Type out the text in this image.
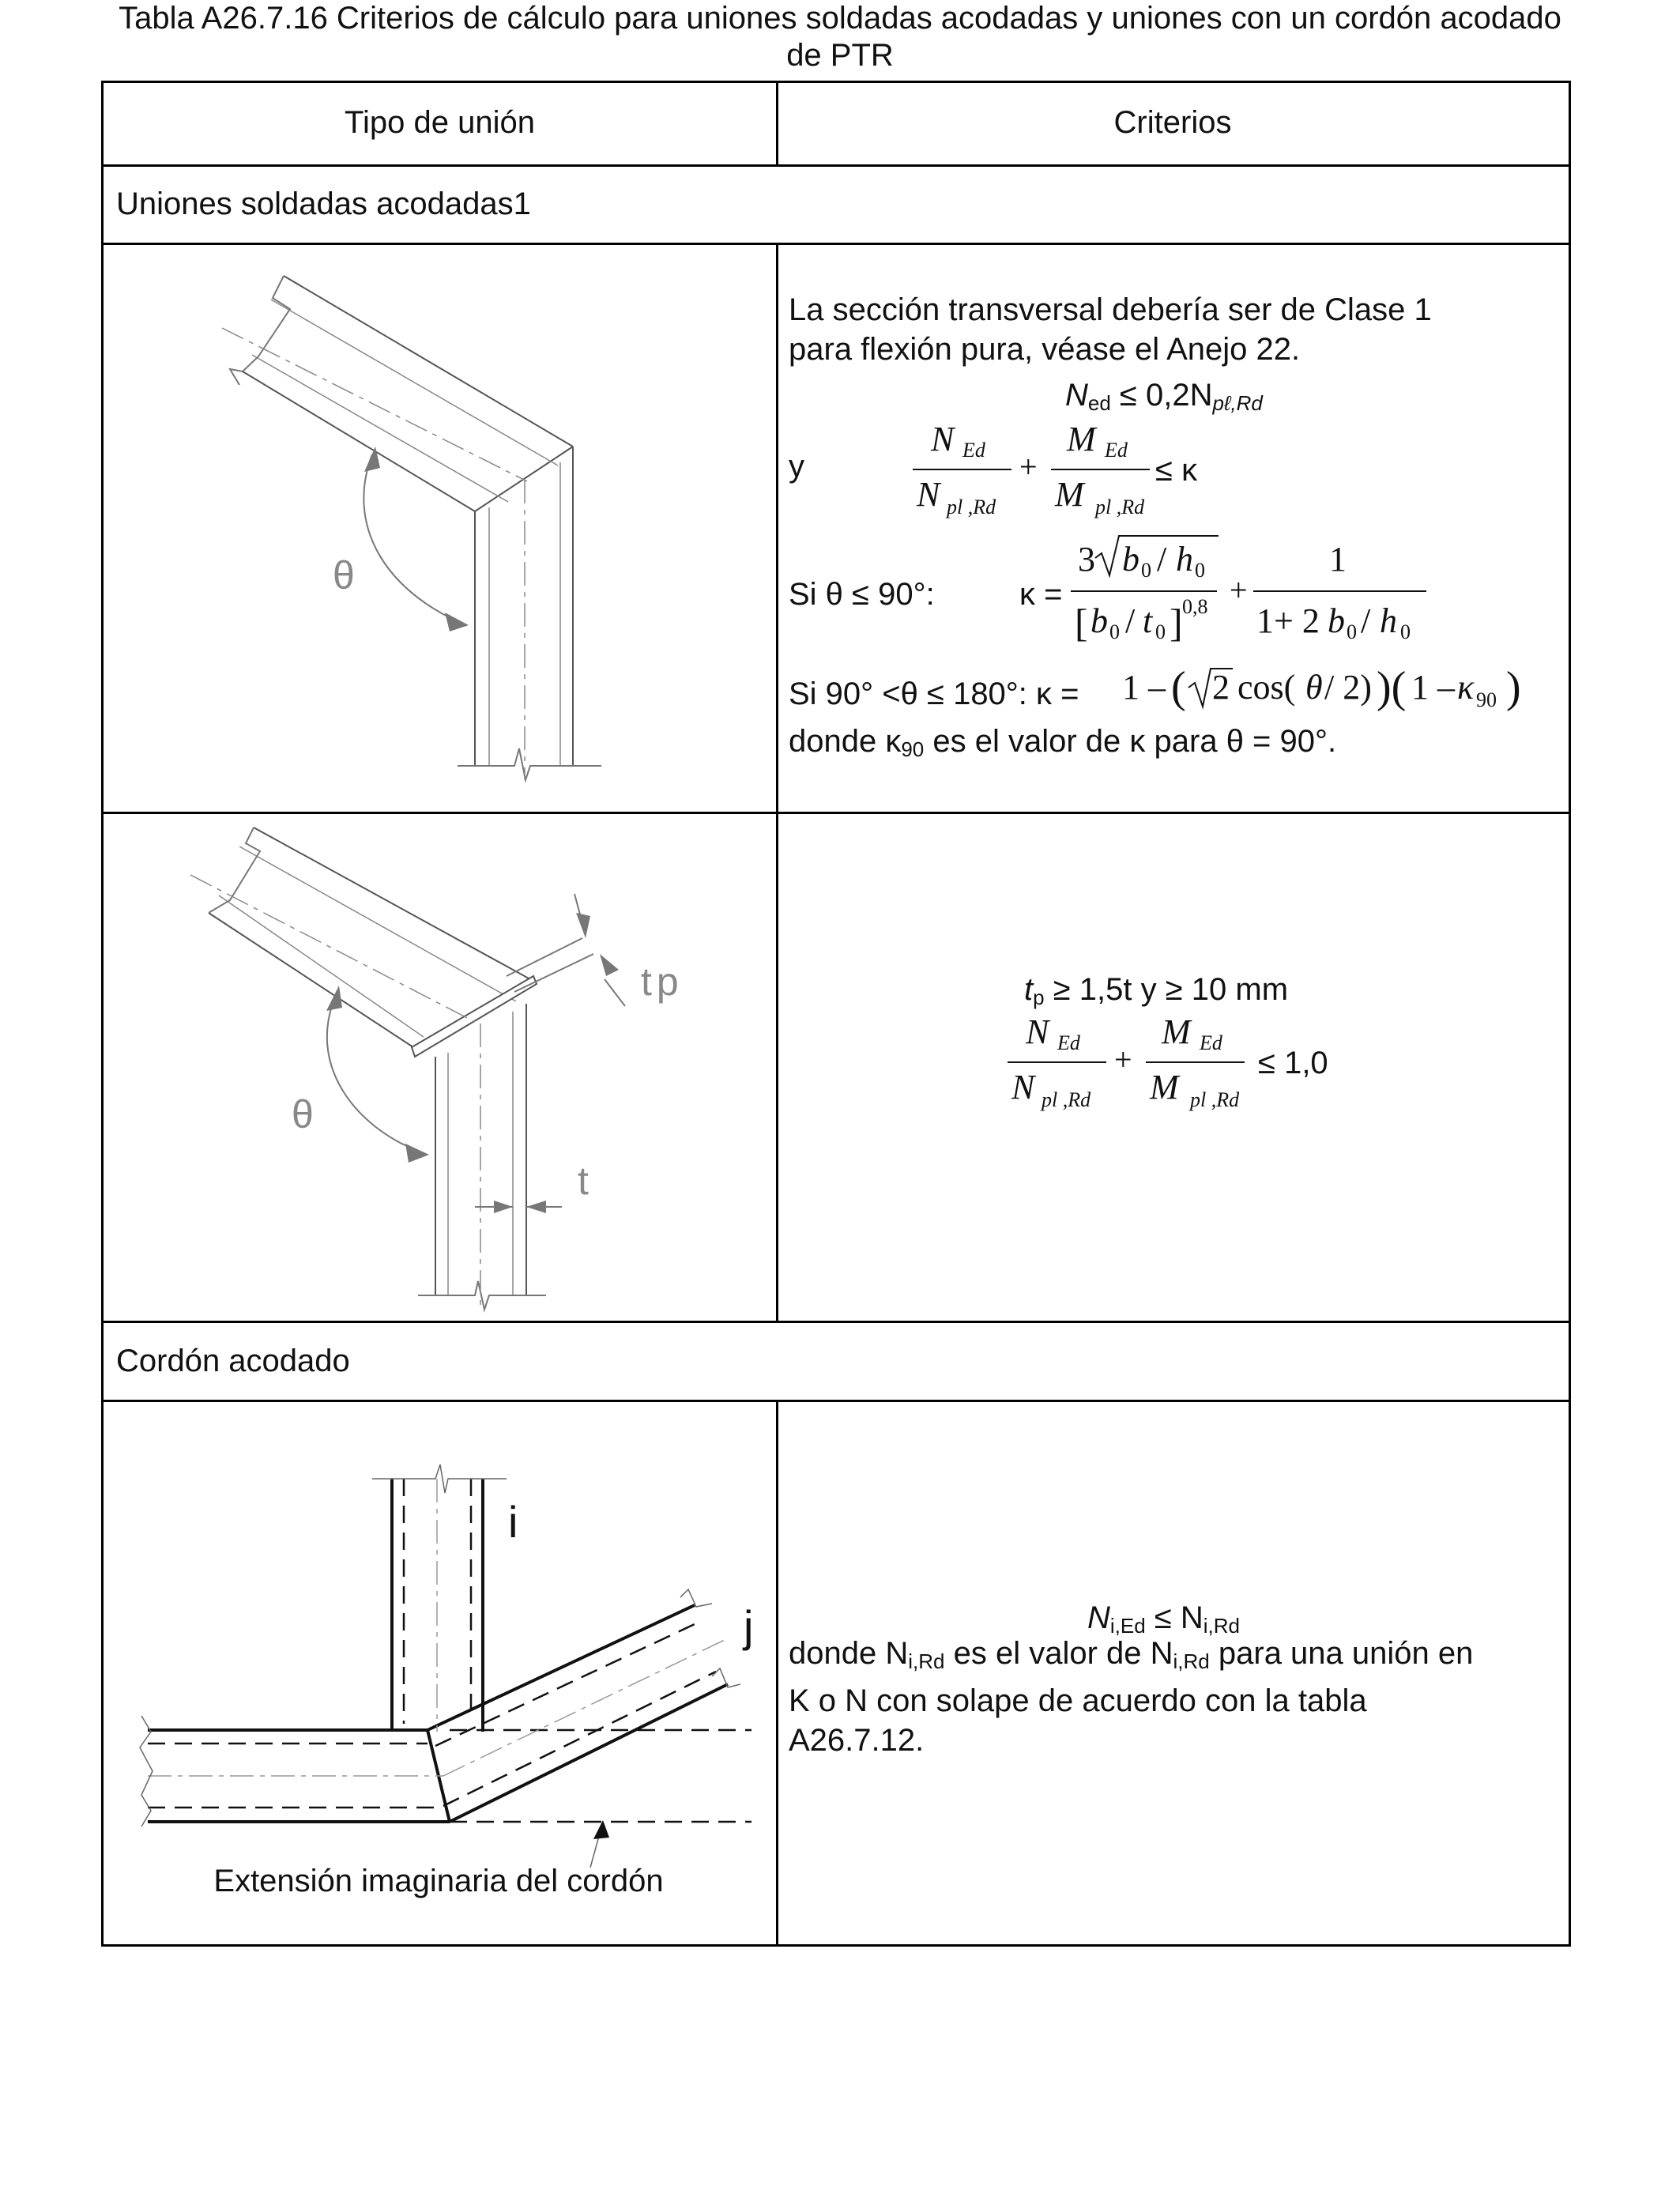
Tabla A26.7.16 Criterios de cálculo para uniones soldadas acodadas y uniones con un cordón acodado
de PTR
Tipo de unión	Criterios
Uniones soldadas acodadas1
Cordón acodado
θ
La sección transversal debería ser de Clase 1
para flexión pura, véase el Anejo 22.
$N_{ed} \le 0,2N_{p\ell,Rd}$
y
N Ed
N pl ,Rd
+
M Ed
M pl ,Rd
≤ κ
Si θ ≤ 90°:	κ =
3 b 0 / h 0
[ b 0 / t 0 ] 0,8 +
1
1+ 2 b 0 / h 0
Si 90° <θ ≤ 180°: κ = 1 – ( 2 cos( θ / 2) )( 1 – κ 90 )
donde $\kappa_{90}$ es el valor de κ para θ = 90°.
θ
t p
t
$t_p \ge 1,5t$ y ≥ 10 mm
N Ed
N pl ,Rd
+
M Ed
M pl ,Rd
≤ 1,0
i
j
Extensión imaginaria del cordón
$N_{i,Ed} \le N_{i,Rd}$
donde $N_{i,Rd}$ es el valor de $N_{i,Rd}$ para una unión en
K o N con solape de acuerdo con la tabla
A26.7.12.
